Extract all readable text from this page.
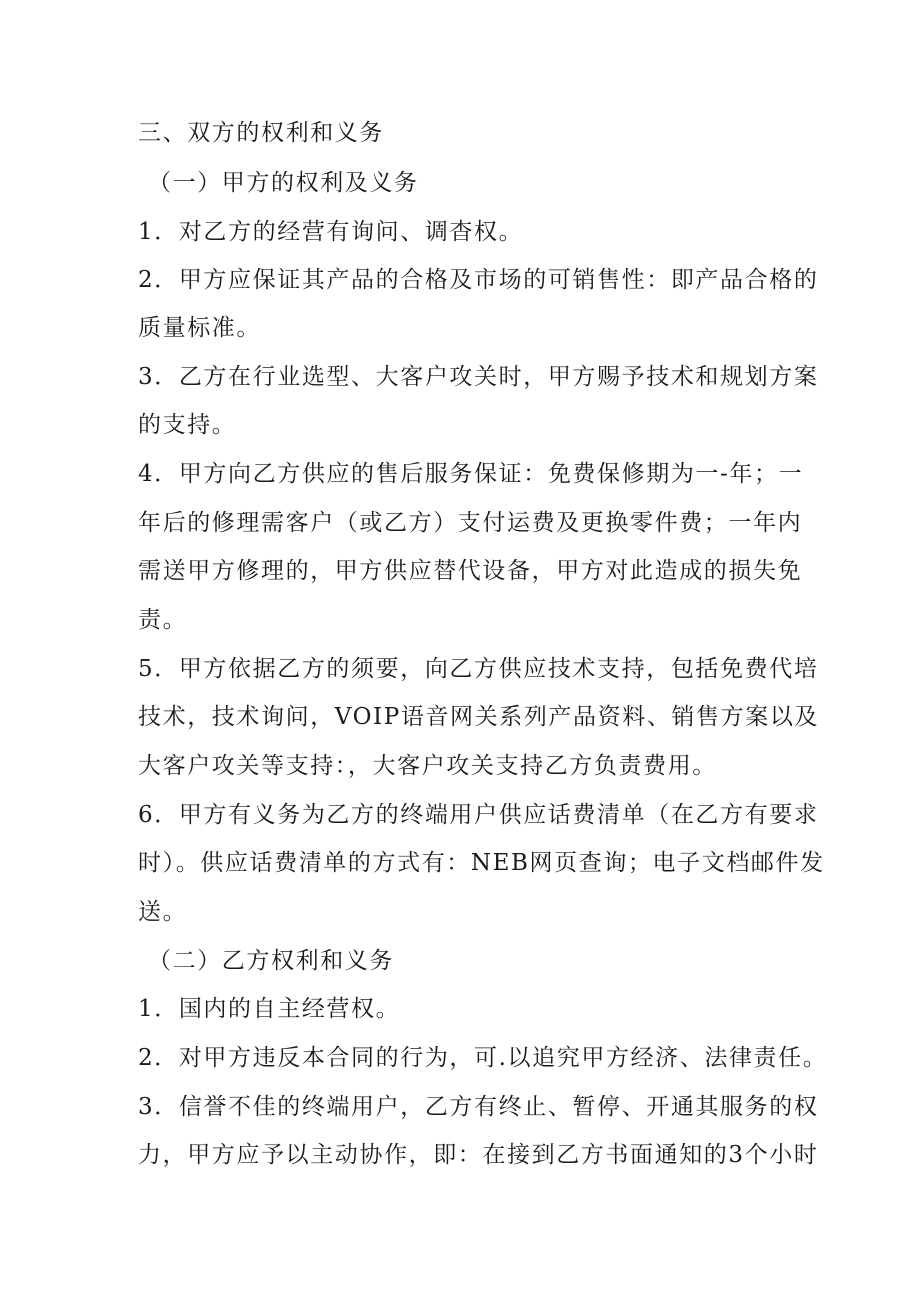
三、双方的权利和义务
（一）甲方的权利及义务
1．对乙方的经营有询问、调杳权。
2．甲方应保证其产品的合格及市场的可销售性：即产品合格的
质量标准。
3．乙方在行业选型、大客户攻关时，甲方赐予技术和规划方案
的支持。
4．甲方向乙方供应的售后服务保证：免费保修期为一-年；一
年后的修理需客户（或乙方）支付运费及更换零件费；一年内
需送甲方修理的，甲方供应替代设备，甲方对此造成的损失免
责。
5．甲方依据乙方的须要，向乙方供应技术支持，包括免费代培
技术，技术询问，VOIP语音网关系列产品资料、销售方案以及
大客户攻关等支持：，大客户攻关支持乙方负责费用。
6．甲方有义务为乙方的终端用户供应话费清单（在乙方有要求
时）。供应话费清单的方式有：NEB网页查询；电子文档邮件发
送。
（二）乙方权利和义务
1．国内的自主经营权。
2．对甲方违反本合同的行为，可.以追究甲方经济、法律责任。
3．信誉不佳的终端用户，乙方有终止、暂停、开通其服务的权
力，甲方应予以主动协作，即：在接到乙方书面通知的3个小时
